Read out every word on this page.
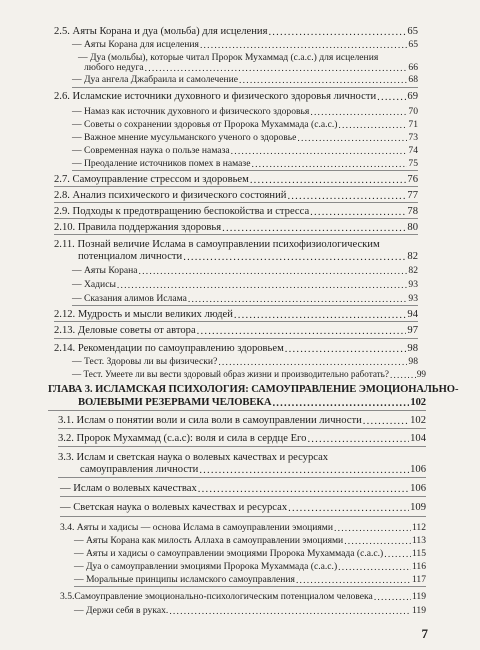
2.5. Аяты Корана и дуа (мольба) для исцеления .....	65
— Аяты Корана для исцеления .....	65
— Дуа (мольбы), которые читал Пророк Мухаммад (с.а.с.) для исцеления
любого недуга .....	66
— Дуа ангела Джабраила и самолечение .....	68
2.6. Исламские источники духовного и физического здоровья личности .....	69
— Намаз как источник духовного и физического здоровья .....	70
— Советы о сохранении здоровья от Пророка Мухаммада (с.а.с.) .....	71
— Важное мнение мусульманского ученого о здоровье .....	73
— Современная наука о пользе намаза .....	74
— Преодаление источников помех в намазе .....	75
2.7. Самоуправление стрессом и здоровьем .....	76
2.8. Анализ психического и физического состояний .....	77
2.9. Подходы к предотвращению беспокойства и стресса .....	78
2.10. Правила поддержания здоровья .....	80
2.11. Познай величие Ислама в самоуправлении психофизиологическим
потенциалом личности .....	82
— Аяты Корана .....	82
— Хадисы .....	93
— Сказания алимов Ислама .....	93
2.12. Мудрость и мысли великих людей .....	94
2.13. Деловые советы от автора .....	97
2.14. Рекомендации по самоуправлению здоровьем .....	98
— Тест. Здоровы ли вы физически? .....	98
— Тест. Умеете ли вы вести здоровый образ жизни и производительно работать? .....	99
ГЛАВА 3. ИСЛАМСКАЯ ПСИХОЛОГИЯ: САМОУПРАВЛЕНИЕ ЭМОЦИОНАЛЬНО-
ВОЛЕВЫМИ РЕЗЕРВАМИ ЧЕЛОВЕКА .....	102
3.1. Ислам о понятии воли и сила воли в самоуправлении личности .....	102
3.2. Пророк Мухаммад (с.а.с): воля и сила в сердце Его .....	104
3.3. Ислам и светская наука о волевых качествах и ресурсах
самоуправления личности .....	106
— Ислам о волевых качествах .....	106
— Светская наука о волевых качествах и ресурсах .....	109
3.4. Аяты и хадисы — основа Ислама в самоуправлении эмоциями .....	112
— Аяты Корана как милость Аллаха в самоуправлении эмоциями .....	113
— Аяты и хадисы о самоуправлении эмоциями Пророка Мухаммада (с.а.с.) .....	115
— Дуа о самоуправлении эмоциями Пророка Мухаммада (с.а.с.) .....	116
— Моральные принципы исламского самоуправления .....	117
3.5.Самоуправление эмоционально-психологическим потенциалом человека .....	119
— Держи себя в руках. .....	119
7
